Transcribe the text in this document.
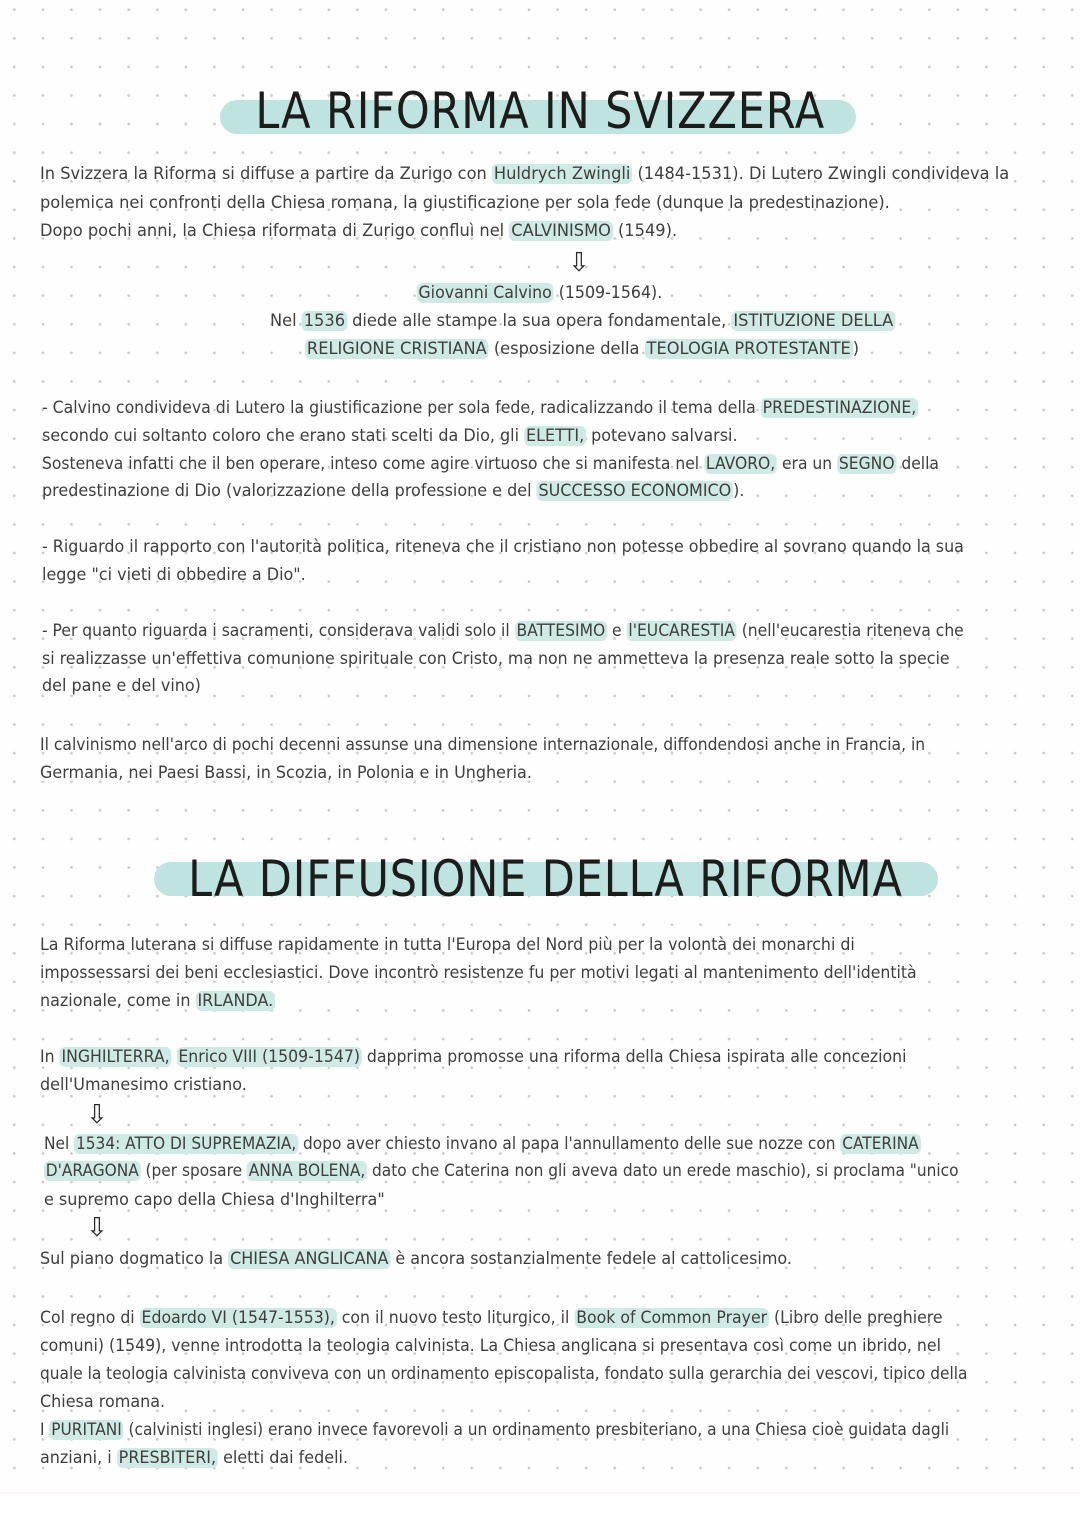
LA RIFORMA IN SVIZZERA
In Svizzera la Riforma si diffuse a partire da Zurigo con Huldrych Zwingli (1484-1531). Di Lutero Zwingli condivideva la
polemica nei confronti della Chiesa romana, la giustificazione per sola fede (dunque la predestinazione).
Dopo pochi anni, la Chiesa riformata di Zurigo confluì nel CALVINISMO (1549).
⇩
Giovanni Calvino (1509-1564).
Nel 1536 diede alle stampe la sua opera fondamentale, ISTITUZIONE DELLA
RELIGIONE CRISTIANA (esposizione della TEOLOGIA PROTESTANTE )
- Calvino condivideva di Lutero la giustificazione per sola fede, radicalizzando il tema della PREDESTINAZIONE,
secondo cui soltanto coloro che erano stati scelti da Dio, gli ELETTI, potevano salvarsi.
Sosteneva infatti che il ben operare, inteso come agire virtuoso che si manifesta nel LAVORO, era un SEGNO della
predestinazione di Dio (valorizzazione della professione e del SUCCESSO ECONOMICO ).
- Riguardo il rapporto con l'autorità politica, riteneva che il cristiano non potesse obbedire al sovrano quando la sua
legge "ci vieti di obbedire a Dio".
- Per quanto riguarda i sacramenti, considerava validi solo il BATTESIMO e l'EUCARESTIA (nell'eucarestia riteneva che
si realizzasse un'effettiva comunione spirituale con Cristo, ma non ne ammetteva la presenza reale sotto la specie
del pane e del vino)
Il calvinismo nell'arco di pochi decenni assunse una dimensione internazionale, diffondendosi anche in Francia, in
Germania, nei Paesi Bassi, in Scozia, in Polonia e in Ungheria.
LA DIFFUSIONE DELLA RIFORMA
La Riforma luterana si diffuse rapidamente in tutta l'Europa del Nord più per la volontà dei monarchi di
impossessarsi dei beni ecclesiastici. Dove incontrò resistenze fu per motivi legati al mantenimento dell'identità
nazionale, come in IRLANDA.
In INGHILTERRA, Enrico VIII (1509-1547) dapprima promosse una riforma della Chiesa ispirata alle concezioni
dell'Umanesimo cristiano.
⇩
Nel 1534: ATTO DI SUPREMAZIA, dopo aver chiesto invano al papa l'annullamento delle sue nozze con CATERINA
D'ARAGONA (per sposare ANNA BOLENA, dato che Caterina non gli aveva dato un erede maschio), si proclama "unico
e supremo capo della Chiesa d'Inghilterra"
⇩
Sul piano dogmatico la CHIESA ANGLICANA è ancora sostanzialmente fedele al cattolicesimo.
Col regno di Edoardo VI (1547-1553), con il nuovo testo liturgico, il Book of Common Prayer (Libro delle preghiere
comuni) (1549), venne introdotta la teologia calvinista. La Chiesa anglicana si presentava così come un ibrido, nel
quale la teologia calvinista conviveva con un ordinamento episcopalista, fondato sulla gerarchia dei vescovi, tipico della
Chiesa romana.
I PURITANI (calvinisti inglesi) erano invece favorevoli a un ordinamento presbiteriano, a una Chiesa cioè guidata dagli
anziani, i PRESBITERI, eletti dai fedeli.
